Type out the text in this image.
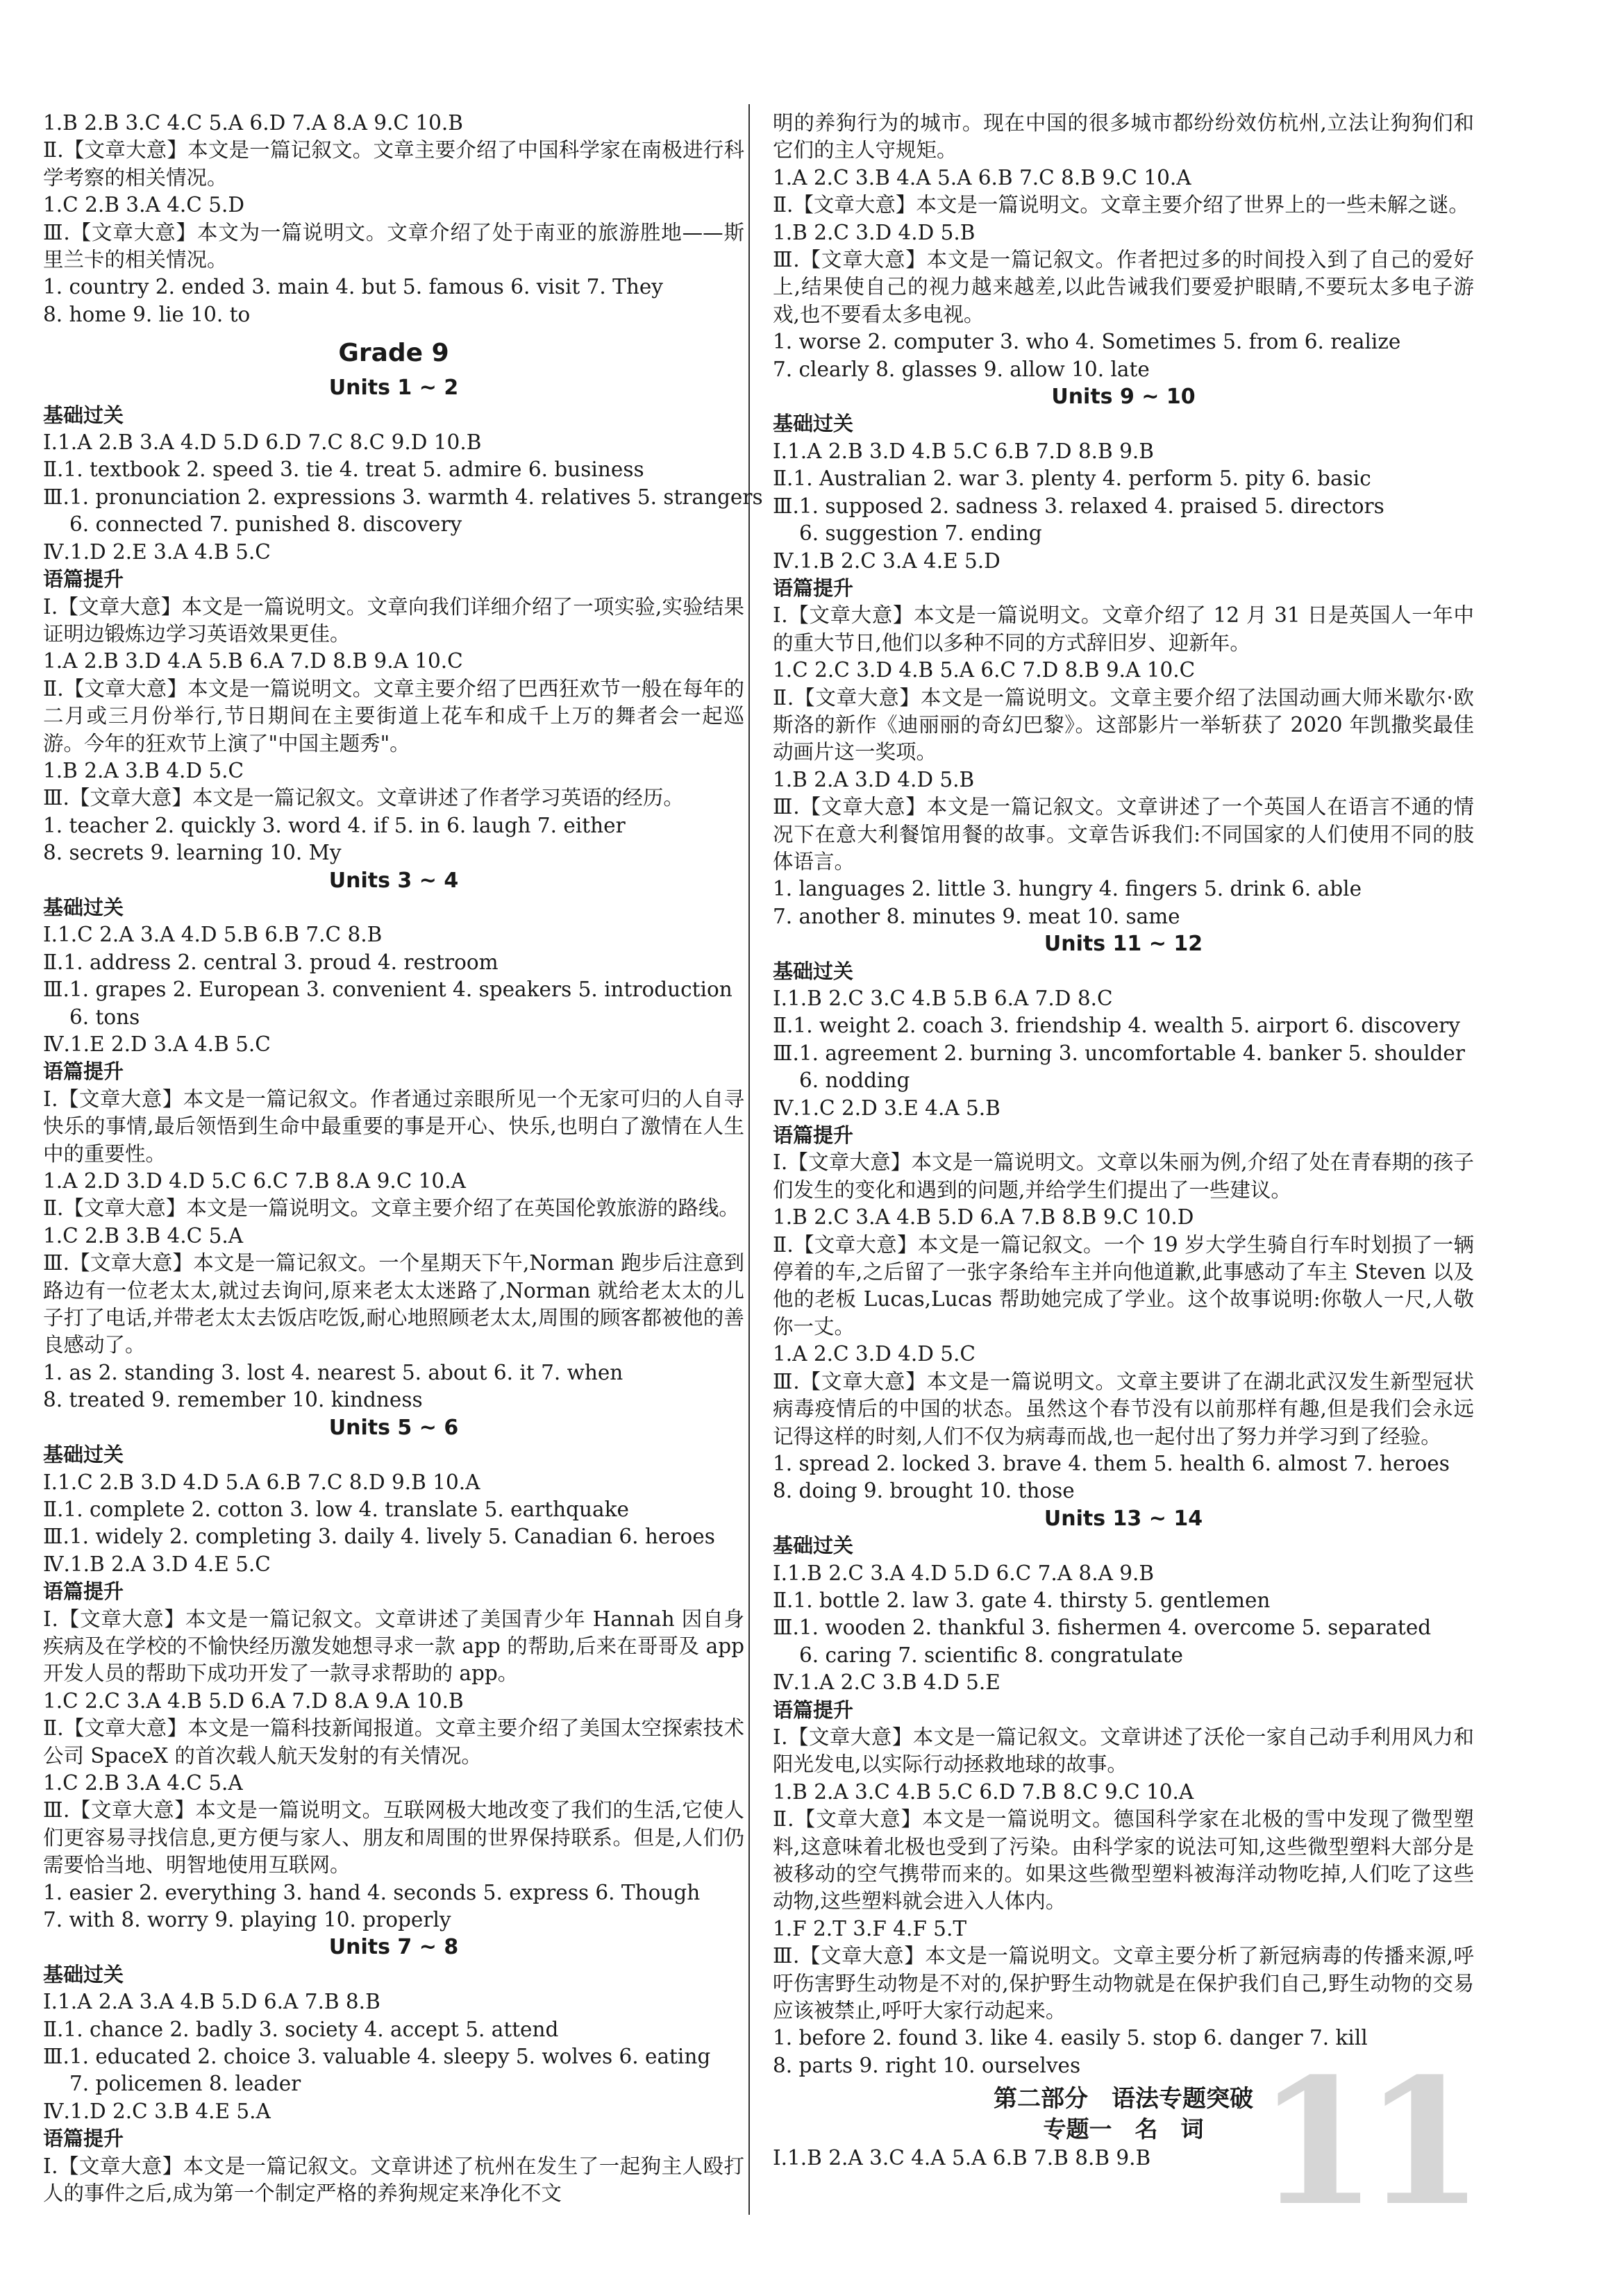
1.B 2.B 3.C 4.C 5.A 6.D 7.A 8.A 9.C 10.B
Ⅱ.【文章大意】本文是一篇记叙文。文章主要介绍了中国科学家在南极进行科学考察的相关情况。
1.C 2.B 3.A 4.C 5.D
Ⅲ.【文章大意】本文为一篇说明文。文章介绍了处于南亚的旅游胜地——斯里兰卡的相关情况。
1. country 2. ended 3. main 4. but 5. famous 6. visit 7. They
8. home 9. lie 10. to
Grade 9
Units 1 ~ 2
基础过关
Ⅰ.1.A 2.B 3.A 4.D 5.D 6.D 7.C 8.C 9.D 10.B
Ⅱ.1. textbook 2. speed 3. tie 4. treat 5. admire 6. business
Ⅲ.1. pronunciation 2. expressions 3. warmth 4. relatives 5. strangers
6. connected 7. punished 8. discovery
Ⅳ.1.D 2.E 3.A 4.B 5.C
语篇提升
Ⅰ.【文章大意】本文是一篇说明文。文章向我们详细介绍了一项实验,实验结果证明边锻炼边学习英语效果更佳。
1.A 2.B 3.D 4.A 5.B 6.A 7.D 8.B 9.A 10.C
Ⅱ.【文章大意】本文是一篇说明文。文章主要介绍了巴西狂欢节一般在每年的二月或三月份举行,节日期间在主要街道上花车和成千上万的舞者会一起巡游。今年的狂欢节上演了"中国主题秀"。
1.B 2.A 3.B 4.D 5.C
Ⅲ.【文章大意】本文是一篇记叙文。文章讲述了作者学习英语的经历。
1. teacher 2. quickly 3. word 4. if 5. in 6. laugh 7. either
8. secrets 9. learning 10. My
Units 3 ~ 4
基础过关
Ⅰ.1.C 2.A 3.A 4.D 5.B 6.B 7.C 8.B
Ⅱ.1. address 2. central 3. proud 4. restroom
Ⅲ.1. grapes 2. European 3. convenient 4. speakers 5. introduction
6. tons
Ⅳ.1.E 2.D 3.A 4.B 5.C
语篇提升
Ⅰ.【文章大意】本文是一篇记叙文。作者通过亲眼所见一个无家可归的人自寻快乐的事情,最后领悟到生命中最重要的事是开心、快乐,也明白了激情在人生中的重要性。
1.A 2.D 3.D 4.D 5.C 6.C 7.B 8.A 9.C 10.A
Ⅱ.【文章大意】本文是一篇说明文。文章主要介绍了在英国伦敦旅游的路线。
1.C 2.B 3.B 4.C 5.A
Ⅲ.【文章大意】本文是一篇记叙文。一个星期天下午,Norman 跑步后注意到路边有一位老太太,就过去询问,原来老太太迷路了,Norman 就给老太太的儿子打了电话,并带老太太去饭店吃饭,耐心地照顾老太太,周围的顾客都被他的善良感动了。
1. as 2. standing 3. lost 4. nearest 5. about 6. it 7. when
8. treated 9. remember 10. kindness
Units 5 ~ 6
基础过关
Ⅰ.1.C 2.B 3.D 4.D 5.A 6.B 7.C 8.D 9.B 10.A
Ⅱ.1. complete 2. cotton 3. low 4. translate 5. earthquake
Ⅲ.1. widely 2. completing 3. daily 4. lively 5. Canadian 6. heroes
Ⅳ.1.B 2.A 3.D 4.E 5.C
语篇提升
Ⅰ.【文章大意】本文是一篇记叙文。文章讲述了美国青少年 Hannah 因自身疾病及在学校的不愉快经历激发她想寻求一款 app 的帮助,后来在哥哥及 app 开发人员的帮助下成功开发了一款寻求帮助的 app。
1.C 2.C 3.A 4.B 5.D 6.A 7.D 8.A 9.A 10.B
Ⅱ.【文章大意】本文是一篇科技新闻报道。文章主要介绍了美国太空探索技术公司 SpaceX 的首次载人航天发射的有关情况。
1.C 2.B 3.A 4.C 5.A
Ⅲ.【文章大意】本文是一篇说明文。互联网极大地改变了我们的生活,它使人们更容易寻找信息,更方便与家人、朋友和周围的世界保持联系。但是,人们仍需要恰当地、明智地使用互联网。
1. easier 2. everything 3. hand 4. seconds 5. express 6. Though
7. with 8. worry 9. playing 10. properly
Units 7 ~ 8
基础过关
Ⅰ.1.A 2.A 3.A 4.B 5.D 6.A 7.B 8.B
Ⅱ.1. chance 2. badly 3. society 4. accept 5. attend
Ⅲ.1. educated 2. choice 3. valuable 4. sleepy 5. wolves 6. eating
7. policemen 8. leader
Ⅳ.1.D 2.C 3.B 4.E 5.A
语篇提升
Ⅰ.【文章大意】本文是一篇记叙文。文章讲述了杭州在发生了一起狗主人殴打人的事件之后,成为第一个制定严格的养狗规定来净化不文
明的养狗行为的城市。现在中国的很多城市都纷纷效仿杭州,立法让狗狗们和它们的主人守规矩。
1.A 2.C 3.B 4.A 5.A 6.B 7.C 8.B 9.C 10.A
Ⅱ.【文章大意】本文是一篇说明文。文章主要介绍了世界上的一些未解之谜。
1.B 2.C 3.D 4.D 5.B
Ⅲ.【文章大意】本文是一篇记叙文。作者把过多的时间投入到了自己的爱好上,结果使自己的视力越来越差,以此告诫我们要爱护眼睛,不要玩太多电子游戏,也不要看太多电视。
1. worse 2. computer 3. who 4. Sometimes 5. from 6. realize
7. clearly 8. glasses 9. allow 10. late
Units 9 ~ 10
基础过关
Ⅰ.1.A 2.B 3.D 4.B 5.C 6.B 7.D 8.B 9.B
Ⅱ.1. Australian 2. war 3. plenty 4. perform 5. pity 6. basic
Ⅲ.1. supposed 2. sadness 3. relaxed 4. praised 5. directors
6. suggestion 7. ending
Ⅳ.1.B 2.C 3.A 4.E 5.D
语篇提升
Ⅰ.【文章大意】本文是一篇说明文。文章介绍了 12 月 31 日是英国人一年中的重大节日,他们以多种不同的方式辞旧岁、迎新年。
1.C 2.C 3.D 4.B 5.A 6.C 7.D 8.B 9.A 10.C
Ⅱ.【文章大意】本文是一篇说明文。文章主要介绍了法国动画大师米歇尔·欧斯洛的新作《迪丽丽的奇幻巴黎》。这部影片一举斩获了 2020 年凯撒奖最佳动画片这一奖项。
1.B 2.A 3.D 4.D 5.B
Ⅲ.【文章大意】本文是一篇记叙文。文章讲述了一个英国人在语言不通的情况下在意大利餐馆用餐的故事。文章告诉我们:不同国家的人们使用不同的肢体语言。
1. languages 2. little 3. hungry 4. fingers 5. drink 6. able
7. another 8. minutes 9. meat 10. same
Units 11 ~ 12
基础过关
Ⅰ.1.B 2.C 3.C 4.B 5.B 6.A 7.D 8.C
Ⅱ.1. weight 2. coach 3. friendship 4. wealth 5. airport 6. discovery
Ⅲ.1. agreement 2. burning 3. uncomfortable 4. banker 5. shoulder
6. nodding
Ⅳ.1.C 2.D 3.E 4.A 5.B
语篇提升
Ⅰ.【文章大意】本文是一篇说明文。文章以朱丽为例,介绍了处在青春期的孩子们发生的变化和遇到的问题,并给学生们提出了一些建议。
1.B 2.C 3.A 4.B 5.D 6.A 7.B 8.B 9.C 10.D
Ⅱ.【文章大意】本文是一篇记叙文。一个 19 岁大学生骑自行车时划损了一辆停着的车,之后留了一张字条给车主并向他道歉,此事感动了车主 Steven 以及他的老板 Lucas,Lucas 帮助她完成了学业。这个故事说明:你敬人一尺,人敬你一丈。
1.A 2.C 3.D 4.D 5.C
Ⅲ.【文章大意】本文是一篇说明文。文章主要讲了在湖北武汉发生新型冠状病毒疫情后的中国的状态。虽然这个春节没有以前那样有趣,但是我们会永远记得这样的时刻,人们不仅为病毒而战,也一起付出了努力并学习到了经验。
1. spread 2. locked 3. brave 4. them 5. health 6. almost 7. heroes
8. doing 9. brought 10. those
Units 13 ~ 14
基础过关
Ⅰ.1.B 2.C 3.A 4.D 5.D 6.C 7.A 8.A 9.B
Ⅱ.1. bottle 2. law 3. gate 4. thirsty 5. gentlemen
Ⅲ.1. wooden 2. thankful 3. fishermen 4. overcome 5. separated
6. caring 7. scientific 8. congratulate
Ⅳ.1.A 2.C 3.B 4.D 5.E
语篇提升
Ⅰ.【文章大意】本文是一篇记叙文。文章讲述了沃伦一家自己动手利用风力和阳光发电,以实际行动拯救地球的故事。
1.B 2.A 3.C 4.B 5.C 6.D 7.B 8.C 9.C 10.A
Ⅱ.【文章大意】本文是一篇说明文。德国科学家在北极的雪中发现了微型塑料,这意味着北极也受到了污染。由科学家的说法可知,这些微型塑料大部分是被移动的空气携带而来的。如果这些微型塑料被海洋动物吃掉,人们吃了这些动物,这些塑料就会进入人体内。
1.F 2.T 3.F 4.F 5.T
Ⅲ.【文章大意】本文是一篇说明文。文章主要分析了新冠病毒的传播来源,呼吁伤害野生动物是不对的,保护野生动物就是在保护我们自己,野生动物的交易应该被禁止,呼吁大家行动起来。
1. before 2. found 3. like 4. easily 5. stop 6. danger 7. kill
8. parts 9. right 10. ourselves
第二部分　语法专题突破
专题一　名　词
Ⅰ.1.B 2.A 3.C 4.A 5.A 6.B 7.B 8.B 9.B 11
